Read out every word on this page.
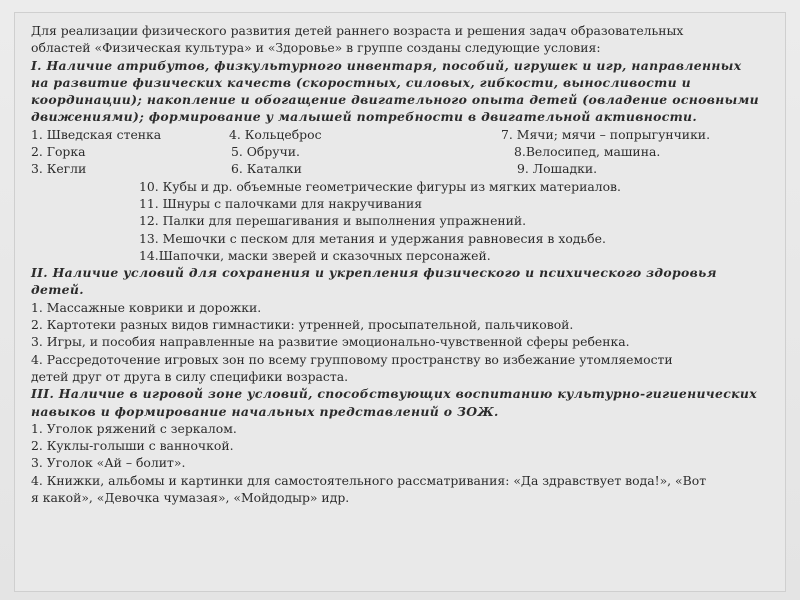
Для реализации физического развития детей раннего возраста и решения задач образовательных
областей «Физическая культура» и «Здоровье» в группе созданы следующие условия:
I. Наличие атрибутов, физкультурного инвентаря, пособий, игрушек и игр, направленных
на развитие физических качеств (скоростных, силовых, гибкости, выносливости и
координации); накопление и обогащение двигательного опыта детей (овладение основными
движениями); формирование у малышей потребности в двигательной активности.
1. Шведская стенка	4. Кольцеброс	7. Мячи; мячи – попрыгунчики.
2. Горка	5. Обручи.	8.Велосипед, машина.
3. Кегли	6. Каталки	9. Лошадки.
10. Кубы и др. объемные геометрические фигуры из мягких материалов.
11. Шнуры с палочками для накручивания
12. Палки для перешагивания и выполнения упражнений.
13. Мешочки с песком для метания и удержания равновесия в ходьбе.
14.Шапочки, маски зверей и сказочных персонажей.
II. Наличие условий для сохранения и укрепления физического и психического здоровья
детей.
1. Массажные коврики и дорожки.
2. Картотеки разных видов гимнастики: утренней, просыпательной, пальчиковой.
3. Игры, и пособия направленные на развитие эмоционально-чувственной сферы ребенка.
4. Рассредоточение игровых зон по всему групповому пространству во избежание утомляемости
детей друг от друга в силу специфики возраста.
III. Наличие в игровой зоне условий, способствующих воспитанию культурно-гигиенических
навыков и формирование начальных представлений о ЗОЖ.
1. Уголок ряжений с зеркалом.
2. Куклы-голыши с ванночкой.
3. Уголок «Ай – болит».
4. Книжки, альбомы и картинки для самостоятельного рассматривания: «Да здравствует вода!», «Вот
я какой», «Девочка чумазая», «Мойдодыр» идр.
